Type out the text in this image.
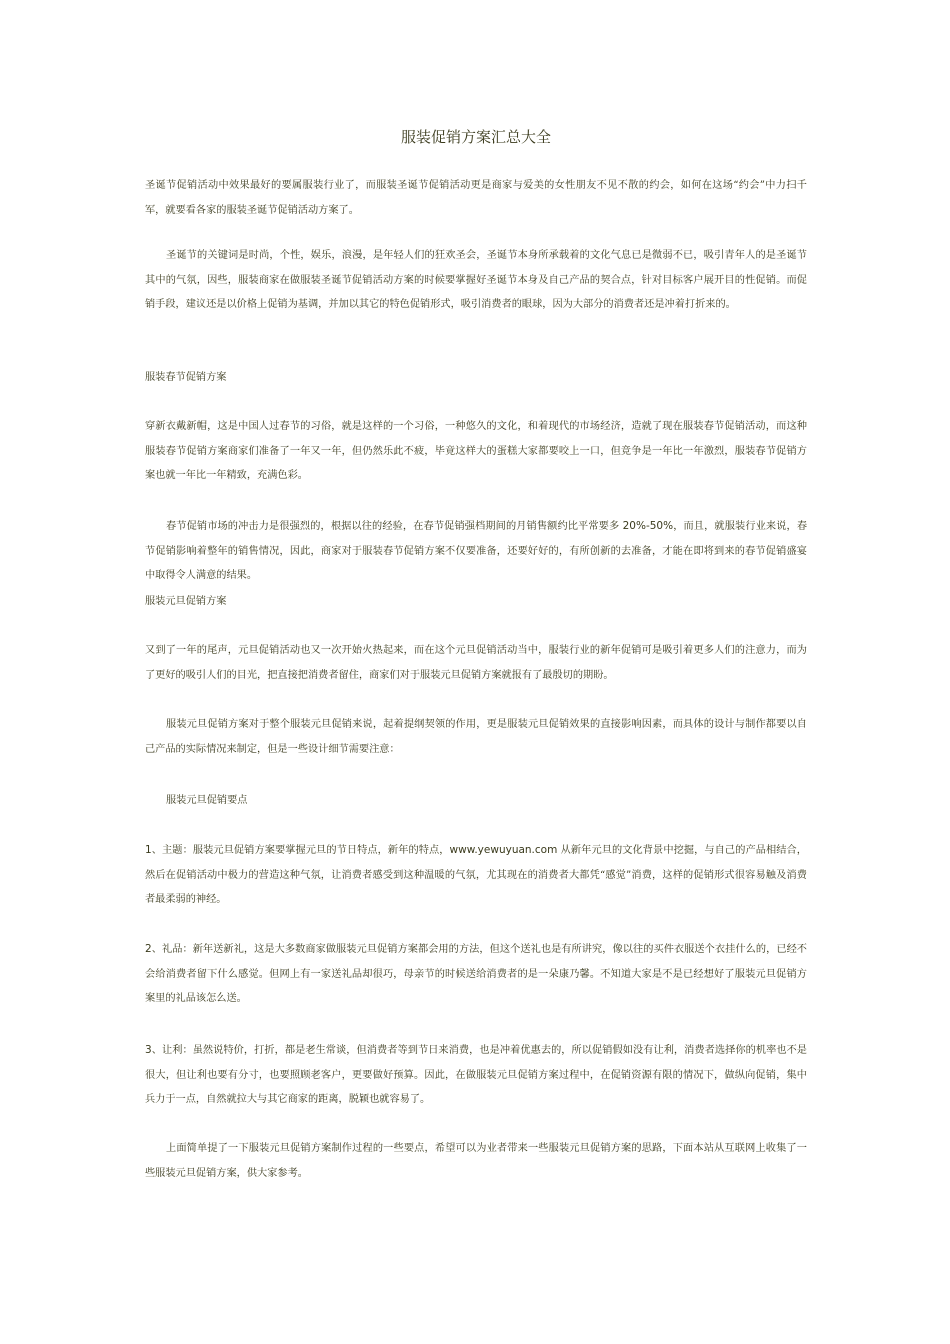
服装促销方案汇总大全
圣诞节促销活动中效果最好的要属服装行业了，而服装圣诞节促销活动更是商家与爱美的女性朋友不见不散的约会，如何在这场“约会”中力扫千军，就要看各家的服装圣诞节促销活动方案了。
圣诞节的关键词是时尚，个性，娱乐，浪漫，是年轻人们的狂欢圣会，圣诞节本身所承载着的文化气息已是微弱不已，吸引青年人的是圣诞节其中的气氛，因些，服装商家在做服装圣诞节促销活动方案的时候要掌握好圣诞节本身及自己产品的契合点，针对目标客户展开目的性促销。而促销手段，建议还是以价格上促销为基调，并加以其它的特色促销形式，吸引消费者的眼球，因为大部分的消费者还是冲着打折来的。
服装春节促销方案
穿新衣戴新帽，这是中国人过春节的习俗，就是这样的一个习俗，一种悠久的文化，和着现代的市场经济，造就了现在服装春节促销活动，而这种服装春节促销方案商家们准备了一年又一年，但仍然乐此不疲，毕竟这样大的蛋糕大家都要咬上一口，但竞争是一年比一年激烈，服装春节促销方案也就一年比一年精致，充满色彩。
春节促销市场的冲击力是很强烈的，根据以往的经验，在春节促销强档期间的月销售额约比平常要多 20%-50%，而且，就服装行业来说，春节促销影响着整年的销售情况，因此，商家对于服装春节促销方案不仅要准备，还要好好的，有所创新的去准备，才能在即将到来的春节促销盛宴中取得令人满意的结果。
服装元旦促销方案
又到了一年的尾声，元旦促销活动也又一次开始火热起来，而在这个元旦促销活动当中，服装行业的新年促销可是吸引着更多人们的注意力，而为了更好的吸引人们的目光，把直接把消费者留住，商家们对于服装元旦促销方案就报有了最殷切的期盼。
服装元旦促销方案对于整个服装元旦促销来说，起着提纲契领的作用，更是服装元旦促销效果的直接影响因素，而具体的设计与制作都要以自己产品的实际情况来制定，但是一些设计细节需要注意：
服装元旦促销要点
1、主题：服装元旦促销方案要掌握元旦的节日特点，新年的特点，www.yewuyuan.com 从新年元旦的文化背景中挖掘，与自己的产品相结合，然后在促销活动中极力的营造这种气氛，让消费者感受到这种温暖的气氛，尤其现在的消费者大都凭“感觉”消费，这样的促销形式很容易触及消费者最柔弱的神经。
2、礼品：新年送新礼，这是大多数商家做服装元旦促销方案都会用的方法，但这个送礼也是有所讲究，像以往的买件衣服送个衣挂什么的，已经不会给消费者留下什么感觉。但网上有一家送礼品却很巧，母亲节的时候送给消费者的是一朵康乃馨。不知道大家是不是已经想好了服装元旦促销方案里的礼品该怎么送。
3、让利：虽然说特价，打折，都是老生常谈，但消费者等到节日来消费，也是冲着优惠去的，所以促销假如没有让利，消费者选择你的机率也不是很大，但让利也要有分寸，也要照顾老客户，更要做好预算。因此，在做服装元旦促销方案过程中，在促销资源有限的情况下，做纵向促销，集中兵力于一点，自然就拉大与其它商家的距离，脱颖也就容易了。
上面简单提了一下服装元旦促销方案制作过程的一些要点，希望可以为业者带来一些服装元旦促销方案的思路，下面本站从互联网上收集了一些服装元旦促销方案，供大家参考。
